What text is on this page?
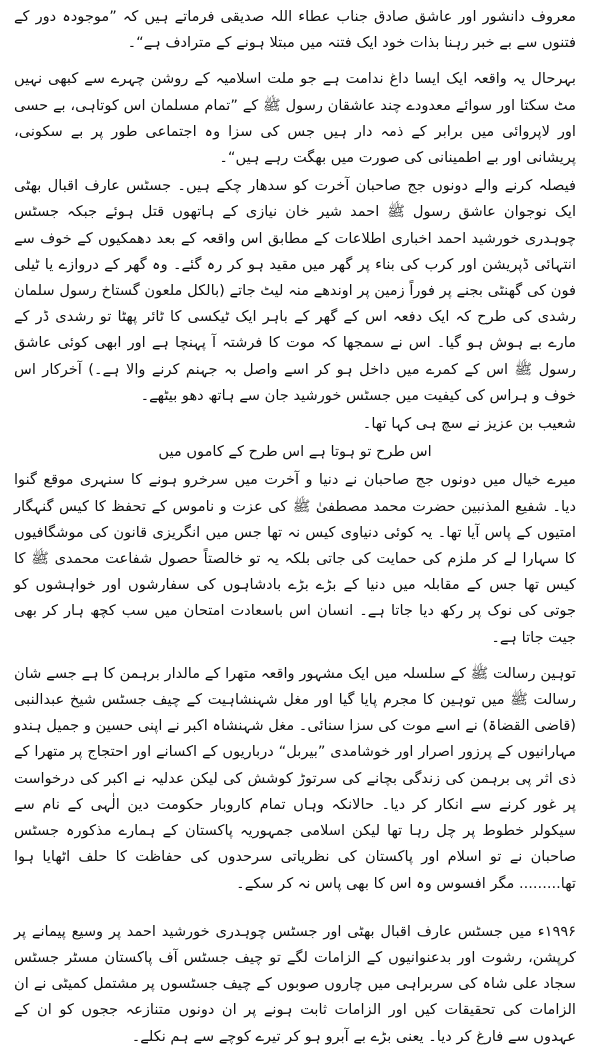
معروف دانشور اور عاشق صادق جناب عطاء اللہ صدیقی فرماتے ہیں کہ ”موجودہ دور کے فتنوں سے بے خبر رہنا بذات خود ایک فتنہ میں مبتلا ہونے کے مترادف ہے“۔

بہرحال یہ واقعہ ایک ایسا داغ ندامت ہے جو ملت اسلامیہ کے روشن چہرے سے کبھی نہیں مٹ سکتا اور سوائے معدودے چند عاشقان رسول ﷺ کے ”تمام مسلمان اس کوتاہی، بے حسی اور لاپروائی میں برابر کے ذمہ دار ہیں جس کی سزا وہ اجتماعی طور پر بے سکونی، پریشانی اور بے اطمینانی کی صورت میں بھگت رہے ہیں“۔

فیصلہ کرنے والے دونوں جج صاحبان آخرت کو سدھار چکے ہیں۔ جسٹس عارف اقبال بھٹی ایک نوجوان عاشق رسول ﷺ احمد شیر خان نیازی کے ہاتھوں قتل ہوئے جبکہ جسٹس چوہدری خورشید احمد اخباری اطلاعات کے مطابق اس واقعہ کے بعد دھمکیوں کے خوف سے انتہائی ڈپریشن اور کرب کی بناء پر گھر میں مقید ہو کر رہ گئے۔ وہ گھر کے دروازے یا ٹیلی فون کی گھنٹی بجنے پر فوراً زمین پر اوندھے منہ لیٹ جاتے (بالکل ملعون گستاخ رسول سلمان رشدی کی طرح کہ ایک دفعہ اس کے گھر کے باہر ایک ٹیکسی کا ٹائر پھٹا تو رشدی ڈر کے مارے بے ہوش ہو گیا۔ اس نے سمجھا کہ موت کا فرشتہ آ پہنچا ہے اور ابھی کوئی عاشق رسول ﷺ اس کے کمرے میں داخل ہو کر اسے واصل بہ جہنم کرنے والا ہے۔) آخرکار اس خوف و ہراس کی کیفیت میں جسٹس خورشید جان سے ہاتھ دھو بیٹھے۔

شعیب بن عزیز نے سچ ہی کہا تھا۔

اس طرح تو ہوتا ہے اس طرح کے کاموں میں

میرے خیال میں دونوں جج صاحبان نے دنیا و آخرت میں سرخرو ہونے کا سنہری موقع گنوا دیا۔ شفیع المذنبین حضرت محمد مصطفیٰ ﷺ کی عزت و ناموس کے تحفظ کا کیس گنہگار امتیوں کے پاس آیا تھا۔ یہ کوئی دنیاوی کیس نہ تھا جس میں انگریزی قانون کی موشگافیوں کا سہارا لے کر ملزم کی حمایت کی جاتی بلکہ یہ تو خالصتاً حصول شفاعت محمدی ﷺ کا کیس تھا جس کے مقابلہ میں دنیا کے بڑے بڑے بادشاہوں کی سفارشوں اور خواہشوں کو جوتی کی نوک پر رکھ دیا جاتا ہے۔ انسان اس باسعادت امتحان میں سب کچھ ہار کر بھی جیت جاتا ہے۔

توہین رسالت ﷺ کے سلسلہ میں ایک مشہور واقعہ متھرا کے مالدار برہمن کا ہے جسے شان رسالت ﷺ میں توہین کا مجرم پایا گیا اور مغل شہنشاہیت کے چیف جسٹس شیخ عبدالنبی (قاضی القضاۃ) نے اسے موت کی سزا سنائی۔ مغل شہنشاہ اکبر نے اپنی حسین و جمیل ہندو مہارانیوں کے پرزور اصرار اور خوشامدی ”بیربل“ درباریوں کے اکسانے اور احتجاج پر متھرا کے ذی اثر پی برہمن کی زندگی بچانے کی سرتوڑ کوشش کی لیکن عدلیہ نے اکبر کی درخواست پر غور کرنے سے انکار کر دیا۔ حالانکہ وہاں تمام کاروبار حکومت دین الٰہی کے نام سے سیکولر خطوط پر چل رہا تھا لیکن اسلامی جمہوریہ پاکستان کے ہمارے مذکورہ جسٹس صاحبان نے تو اسلام اور پاکستان کی نظریاتی سرحدوں کی حفاظت کا حلف اٹھایا ہوا تھا......... مگر افسوس وہ اس کا بھی پاس نہ کر سکے۔

۱۹۹۶ء میں جسٹس عارف اقبال بھٹی اور جسٹس چوہدری خورشید احمد پر وسیع پیمانے پر کرپشن، رشوت اور بدعنوانیوں کے الزامات لگے تو چیف جسٹس آف پاکستان مسٹر جسٹس سجاد علی شاہ کی سربراہی میں چاروں صوبوں کے چیف جسٹسوں پر مشتمل کمیٹی نے ان الزامات کی تحقیقات کیں اور الزامات ثابت ہونے پر ان دونوں متنازعہ ججوں کو ان کے عہدوں سے فارغ کر دیا۔ یعنی بڑے بے آبرو ہو کر تیرے کوچے سے ہم نکلے۔
